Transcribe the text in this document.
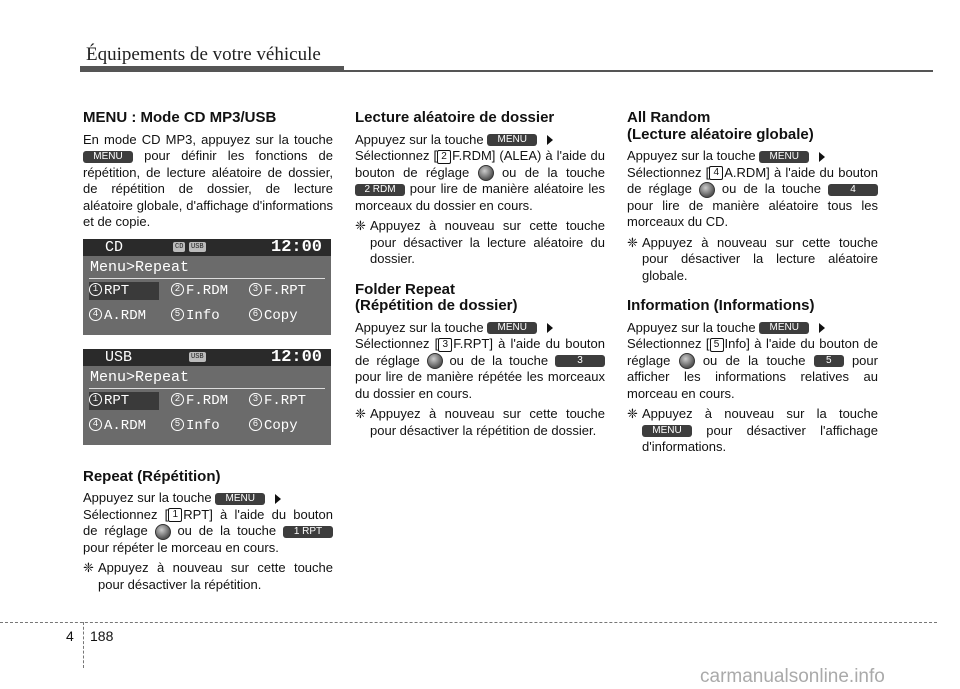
Équipements de votre véhicule
MENU : Mode CD MP3/USB

En mode CD MP3, appuyez sur la touche MENU pour définir les fonctions de répétition, de lecture aléatoire de dossier, de répétition de dossier, de lecture aléatoire globale, d'affichage d'informations et de copie.

CD	CD USB	12:00
Menu>Repeat
1 RPT	2 F.RDM	3 F.RPT
4 A.RDM	5 Info	6 Copy
USB	USB	12:00
Menu>Repeat
1 RPT	2 F.RDM	3 F.RPT
4 A.RDM	5 Info	6 Copy
Repeat (Répétition)

Appuyez sur la touche MENU
Sélectionnez [ 1 RPT] à l'aide du bouton de réglage ou de la touche 1 RPT pour répéter le morceau en cours.

❈ Appuyez à nouveau sur cette touche pour désactiver la répétition.
Lecture aléatoire de dossier

Appuyez sur la touche MENU
Sélectionnez [ 2 F.RDM] (ALEA) à l'aide du bouton de réglage	ou de la touche 2 RDM pour lire de manière aléatoire les morceaux du dossier en cours.

❈ Appuyez à nouveau sur cette touche pour désactiver la lecture aléatoire du dossier.
Folder Repeat
(Répétition de dossier)

Appuyez sur la touche MENU
Sélectionnez [ 3 F.RPT] à l'aide du bouton de réglage ou de la touche	3 pour lire de manière répétée les morceaux du dossier en cours.

❈ Appuyez à nouveau sur cette touche pour désactiver la répétition de dossier.
All Random
(Lecture aléatoire globale)

Appuyez sur la touche MENU
Sélectionnez [ 4 A.RDM] à l'aide du bouton de réglage ou de la touche	4 pour lire de manière aléatoire tous les morceaux du CD.

❈ Appuyez à nouveau sur cette touche pour désactiver la lecture aléatoire globale.
Information (Informations)

Appuyez sur la touche MENU
Sélectionnez [ 5 Info] à l'aide du bouton de réglage ou de la touche 5 pour afficher les informations relatives au morceau en cours.

❈ Appuyez à nouveau sur la touche MENU pour désactiver l'affichage d'informations.
4 188
carmanualsonline.info
